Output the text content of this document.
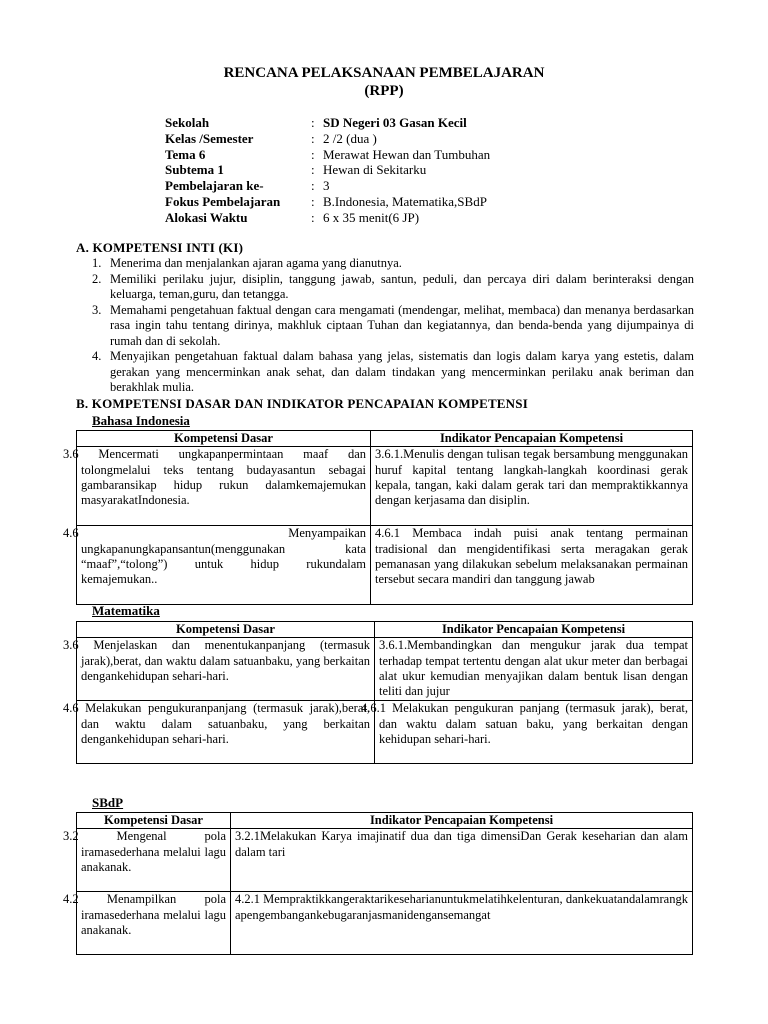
RENCANA PELAKSANAAN PEMBELAJARAN
(RPP)
Sekolah	:	SD Negeri 03 Gasan Kecil
Kelas /Semester	:	2 /2 (dua )
Tema 6	:	Merawat Hewan dan Tumbuhan
Subtema 1	:	Hewan di Sekitarku
Pembelajaran ke-	:	3
Fokus Pembelajaran	:	B.Indonesia, Matematika,SBdP
Alokasi Waktu	:	6 x 35 menit(6 JP)
A. KOMPETENSI INTI (KI)
1. Menerima dan menjalankan ajaran agama yang dianutnya.
2. Memiliki perilaku jujur, disiplin, tanggung jawab, santun, peduli, dan percaya diri dalam berinteraksi dengan keluarga, teman,guru, dan tetangga.
3. Memahami pengetahuan faktual dengan cara mengamati (mendengar, melihat, membaca) dan menanya berdasarkan rasa ingin tahu tentang dirinya, makhluk ciptaan Tuhan dan kegiatannya, dan benda-benda yang dijumpainya di rumah dan di sekolah.
4. Menyajikan pengetahuan faktual dalam bahasa yang jelas, sistematis dan logis dalam karya yang estetis, dalam gerakan yang mencerminkan anak sehat, dan dalam tindakan yang mencerminkan perilaku anak beriman dan berakhlak mulia.
B. KOMPETENSI DASAR DAN INDIKATOR PENCAPAIAN KOMPETENSI
Bahasa Indonesia
Kompetensi Dasar	Indikator Pencapaian Kompetensi
3.6 Mencermati ungkapanpermintaan maaf dan tolongmelalui teks tentang budayasantun sebagai gambaransikap hidup rukun dalamkemajemukan masyarakatIndonesia.	3.6.1.Menulis dengan tulisan tegak bersambung menggunakan huruf kapital tentang langkah-langkah koordinasi gerak kepala, tangan, kaki dalam gerak tari dan mempraktikkannya dengan kerjasama dan disiplin.
4.6 Menyampaikan ungkapanungkapansantun(menggunakan kata “maaf”,“tolong”) untuk hidup rukundalam kemajemukan..	4.6.1 Membaca indah puisi anak tentang permainan tradisional dan mengidentifikasi serta meragakan gerak pemanasan yang dilakukan sebelum melaksanakan permainan tersebut secara mandiri dan tanggung jawab
Matematika
Kompetensi Dasar	Indikator Pencapaian Kompetensi
3.6 Menjelaskan dan menentukanpanjang (termasuk jarak),berat, dan waktu dalam satuanbaku, yang berkaitan dengankehidupan sehari-hari.	3.6.1.Membandingkan dan mengukur jarak dua tempat terhadap tempat tertentu dengan alat ukur meter dan berbagai alat ukur kemudian menyajikan dalam bentuk lisan dengan teliti dan jujur
4.6 Melakukan pengukuranpanjang (termasuk jarak),berat, dan waktu dalam satuanbaku, yang berkaitan dengankehidupan sehari-hari.	4.6.1 Melakukan pengukuran panjang (termasuk jarak), berat, dan waktu dalam satuan baku, yang berkaitan dengan kehidupan sehari-hari.
SBdP
Kompetensi Dasar	Indikator Pencapaian Kompetensi
3.2 Mengenal pola iramasederhana melalui lagu anakanak.	3.2.1Melakukan Karya imajinatif dua dan tiga dimensiDan Gerak keseharian dan alam dalam tari
4.2 Menampilkan pola iramasederhana melalui lagu anakanak.	4.2.1 Mempraktikkangeraktarikeseharianuntukmelatihkelenturan, dankekuatandalamrangkapengembangankebugaranjasmanidengansemangat
